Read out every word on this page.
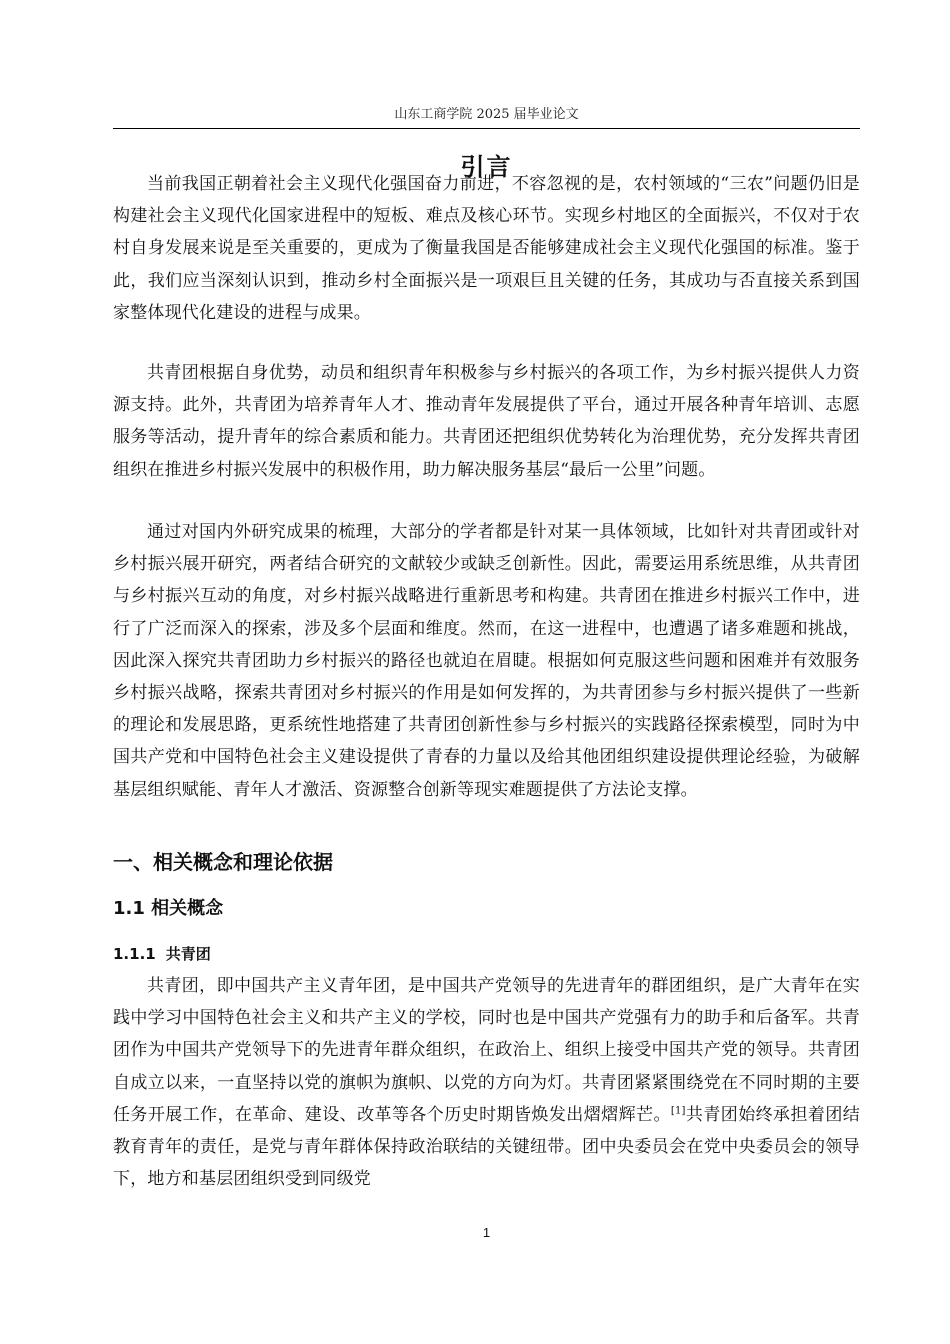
山东工商学院 2025 届毕业论文
引言

当前我国正朝着社会主义现代化强国奋力前进，不容忽视的是，农村领域的“三农”问题仍旧是构建社会主义现代化国家进程中的短板、难点及核心环节。实现乡村地区的全面振兴，不仅对于农村自身发展来说是至关重要的，更成为了衡量我国是否能够建成社会主义现代化强国的标准。鉴于此，我们应当深刻认识到，推动乡村全面振兴是一项艰巨且关键的任务，其成功与否直接关系到国家整体现代化建设的进程与成果。

共青团根据自身优势，动员和组织青年积极参与乡村振兴的各项工作，为乡村振兴提供人力资源支持。此外，共青团为培养青年人才、推动青年发展提供了平台，通过开展各种青年培训、志愿服务等活动，提升青年的综合素质和能力。共青团还把组织优势转化为治理优势，充分发挥共青团组织在推进乡村振兴发展中的积极作用，助力解决服务基层“最后一公里”问题。

通过对国内外研究成果的梳理，大部分的学者都是针对某一具体领域，比如针对共青团或针对乡村振兴展开研究，两者结合研究的文献较少或缺乏创新性。因此，需要运用系统思维，从共青团与乡村振兴互动的角度，对乡村振兴战略进行重新思考和构建。共青团在推进乡村振兴工作中，进行了广泛而深入的探索，涉及多个层面和维度。然而，在这一进程中，也遭遇了诸多难题和挑战，因此深入探究共青团助力乡村振兴的路径也就迫在眉睫。根据如何克服这些问题和困难并有效服务乡村振兴战略，探索共青团对乡村振兴的作用是如何发挥的，为共青团参与乡村振兴提供了一些新的理论和发展思路，更系统性地搭建了共青团创新性参与乡村振兴的实践路径探索模型，同时为中国共产党和中国特色社会主义建设提供了青春的力量以及给其他团组织建设提供理论经验，为破解基层组织赋能、青年人才激活、资源整合创新等现实难题提供了方法论支撑。

一、相关概念和理论依据
1.1 相关概念
1.1.1 共青团

共青团，即中国共产主义青年团，是中国共产党领导的先进青年的群团组织，是广大青年在实践中学习中国特色社会主义和共产主义的学校，同时也是中国共产党强有力的助手和后备军。共青团作为中国共产党领导下的先进青年群众组织，在政治上、组织上接受中国共产党的领导。共青团自成立以来，一直坚持以党的旗帜为旗帜、以党的方向为灯。共青团紧紧围绕党在不同时期的主要任务开展工作，在革命、建设、改革等各个历史时期皆焕发出熠熠辉芒。[1]共青团始终承担着团结教育青年的责任，是党与青年群体保持政治联结的关键纽带。团中央委员会在党中央委员会的领导下，地方和基层团组织受到同级党

1
